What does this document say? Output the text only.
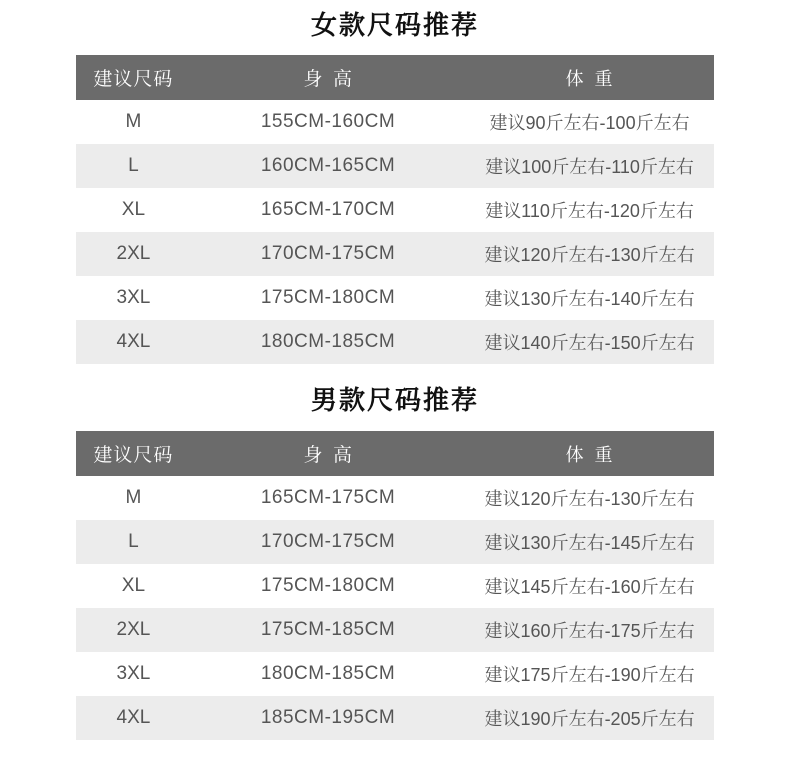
女款尺码推荐
建议尺码	身 高	体 重
M	155CM-160CM	建议90斤左右-100斤左右
L	160CM-165CM	建议100斤左右-110斤左右
XL	165CM-170CM	建议110斤左右-120斤左右
2XL	170CM-175CM	建议120斤左右-130斤左右
3XL	175CM-180CM	建议130斤左右-140斤左右
4XL	180CM-185CM	建议140斤左右-150斤左右
男款尺码推荐
建议尺码	身 高	体 重
M	165CM-175CM	建议120斤左右-130斤左右
L	170CM-175CM	建议130斤左右-145斤左右
XL	175CM-180CM	建议145斤左右-160斤左右
2XL	175CM-185CM	建议160斤左右-175斤左右
3XL	180CM-185CM	建议175斤左右-190斤左右
4XL	185CM-195CM	建议190斤左右-205斤左右
